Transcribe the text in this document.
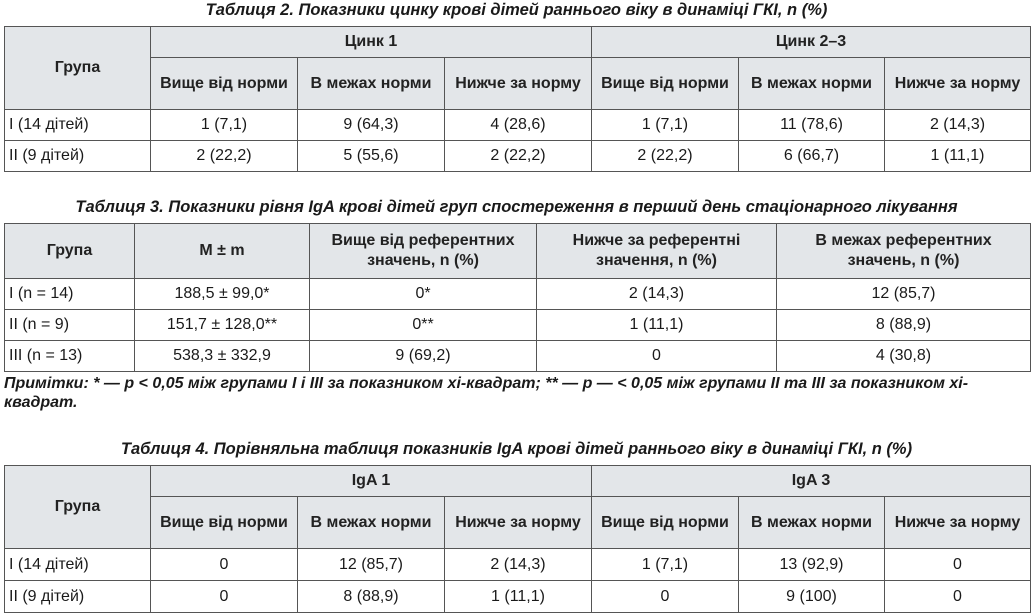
Таблиця 2. Показники цинку крові дітей раннього віку в динаміці ГКІ, n (%)
Група	Цинк 1			Цинк 2–3		
	Вище від норми	В межах норми	Нижче за норму	Вище від норми	В межах норми	Нижче за норму
I (14 дітей)	1 (7,1)	9 (64,3)	4 (28,6)	1 (7,1)	11 (78,6)	2 (14,3)
II (9 дітей)	2 (22,2)	5 (55,6)	2 (22,2)	2 (22,2)	6 (66,7)	1 (11,1)
Таблиця 3. Показники рівня IgA крові дітей груп спостереження в перший день стаціонарного лікування
Група	M ± m	Вище від референтних значень, n (%)	Нижче за референтні значення, n (%)	В межах референтних значень, n (%)
I (n = 14)	188,5 ± 99,0*	0*	2 (14,3)	12 (85,7)
II (n = 9)	151,7 ± 128,0**	0**	1 (11,1)	8 (88,9)
III (n = 13)	538,3 ± 332,9	9 (69,2)	0	4 (30,8)
Примітки: * — p < 0,05 між групами I і III за показником хі-квадрат; ** — p — < 0,05 між групами II та III за показником хі-квадрат.
Таблиця 4. Порівняльна таблиця показників IgA крові дітей раннього віку в динаміці ГКІ, n (%)
Група	IgA 1			IgA 3		
	Вище від норми	В межах норми	Нижче за норму	Вище від норми	В межах норми	Нижче за норму
I (14 дітей)	0	12 (85,7)	2 (14,3)	1 (7,1)	13 (92,9)	0
II (9 дітей)	0	8 (88,9)	1 (11,1)	0	9 (100)	0
